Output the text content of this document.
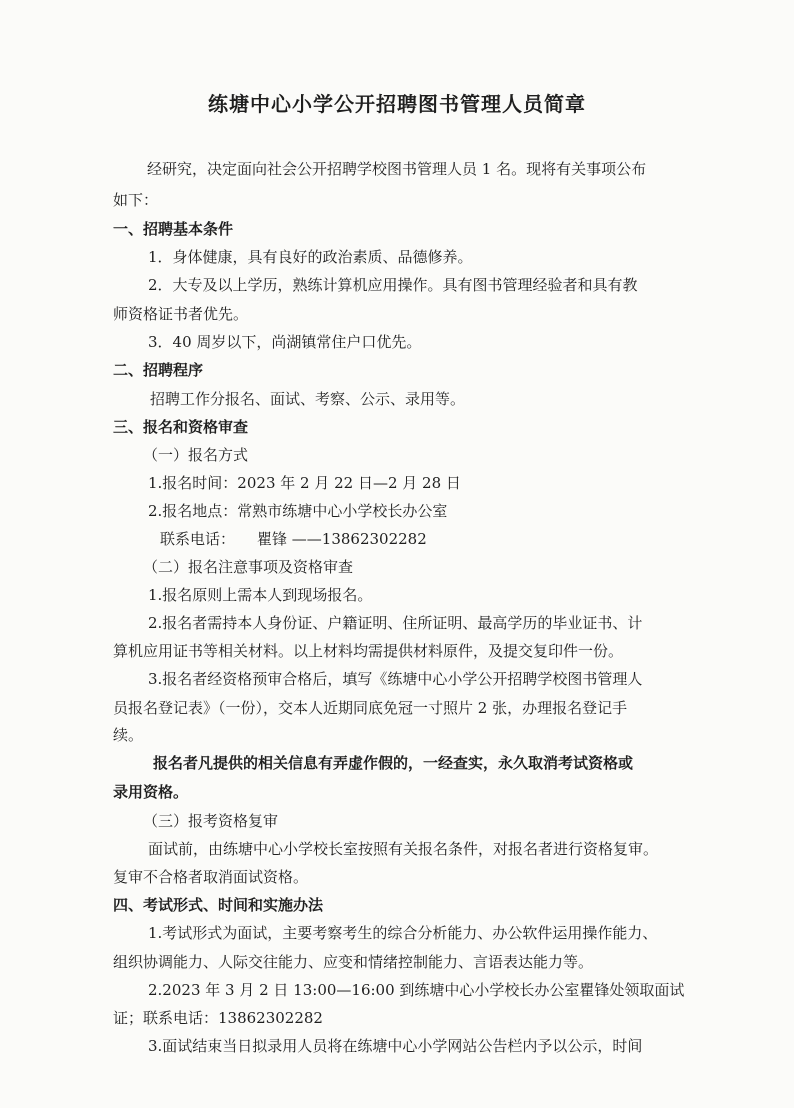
练塘中心小学公开招聘图书管理人员简章
经研究，决定面向社会公开招聘学校图书管理人员 1 名。现将有关事项公布
如下：
一、招聘基本条件
1．身体健康，具有良好的政治素质、品德修养。
2．大专及以上学历，熟练计算机应用操作。具有图书管理经验者和具有教
师资格证书者优先。
3．40 周岁以下，尚湖镇常住户口优先。
二、招聘程序
招聘工作分报名、面试、考察、公示、录用等。
三、报名和资格审查
（一）报名方式
1.报名时间：2023 年 2 月 22 日—2 月 28 日
2.报名地点：常熟市练塘中心小学校长办公室
联系电话： 瞿锋 ——13862302282
（二）报名注意事项及资格审查
1.报名原则上需本人到现场报名。
2.报名者需持本人身份证、户籍证明、住所证明、最高学历的毕业证书、计
算机应用证书等相关材料。以上材料均需提供材料原件，及提交复印件一份。
3.报名者经资格预审合格后，填写《练塘中心小学公开招聘学校图书管理人
员报名登记表》（一份），交本人近期同底免冠一寸照片 2 张，办理报名登记手
续。
报名者凡提供的相关信息有弄虚作假的，一经查实，永久取消考试资格或
录用资格。
（三）报考资格复审
面试前，由练塘中心小学校长室按照有关报名条件，对报名者进行资格复审。
复审不合格者取消面试资格。
四、考试形式、时间和实施办法
1.考试形式为面试，主要考察考生的综合分析能力、办公软件运用操作能力、
组织协调能力、人际交往能力、应变和情绪控制能力、言语表达能力等。
2.2023 年 3 月 2 日 13:00—16:00 到练塘中心小学校长办公室瞿锋处领取面试
证；联系电话：13862302282
3.面试结束当日拟录用人员将在练塘中心小学网站公告栏内予以公示，时间
